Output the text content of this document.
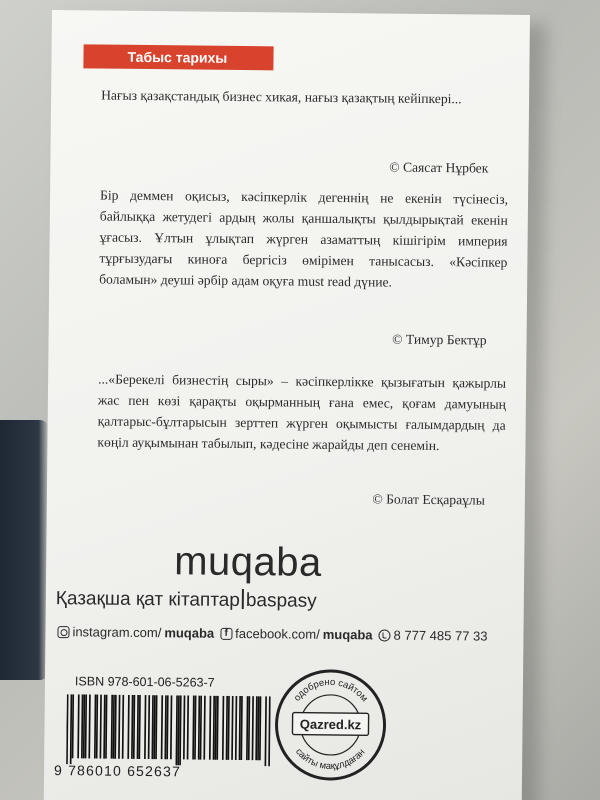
Табыс тарихы

Нағыз қазақстандық бизнес хикая, нағыз қазақтың кейіпкері...

© Саясат Нұрбек

Бір деммен оқисыз, кәсіпкерлік дегеннің не екенін түсінесіз, байлыққа жетудегі ардың жолы қаншалықты қылдырықтай екенін ұғасыз. Ұлтын ұлықтап жүрген азаматтың кішігірім империя тұрғызудағы киноға бергісіз өмірімен танысасыз. «Кәсіпкер боламын» деуші әрбір адам оқуға must read дүние.

© Тимур Бектұр

...«Берекелі бизнестің сыры» – кәсіпкерлікке қызығатын қажырлы жас пен көзі қарақты оқырманның ғана емес, қоғам дамуының қалтарыс-бұлтарысын зерттеп жүрген оқымысты ғалымдардың да көңіл ауқымынан табылып, кәдесіне жарайды деп сенемін.

© Болат Есқараұлы

muqaba
Қазақша қат кітаптар baspasy
instagram.com/ muqaba	f facebook.com/ muqaba 8 777 485 77 33
ISBN 978-601-06-5263-7
9 786010 652637
одобрено сайтом
Qazred.kz
сайты мақұлдаған
